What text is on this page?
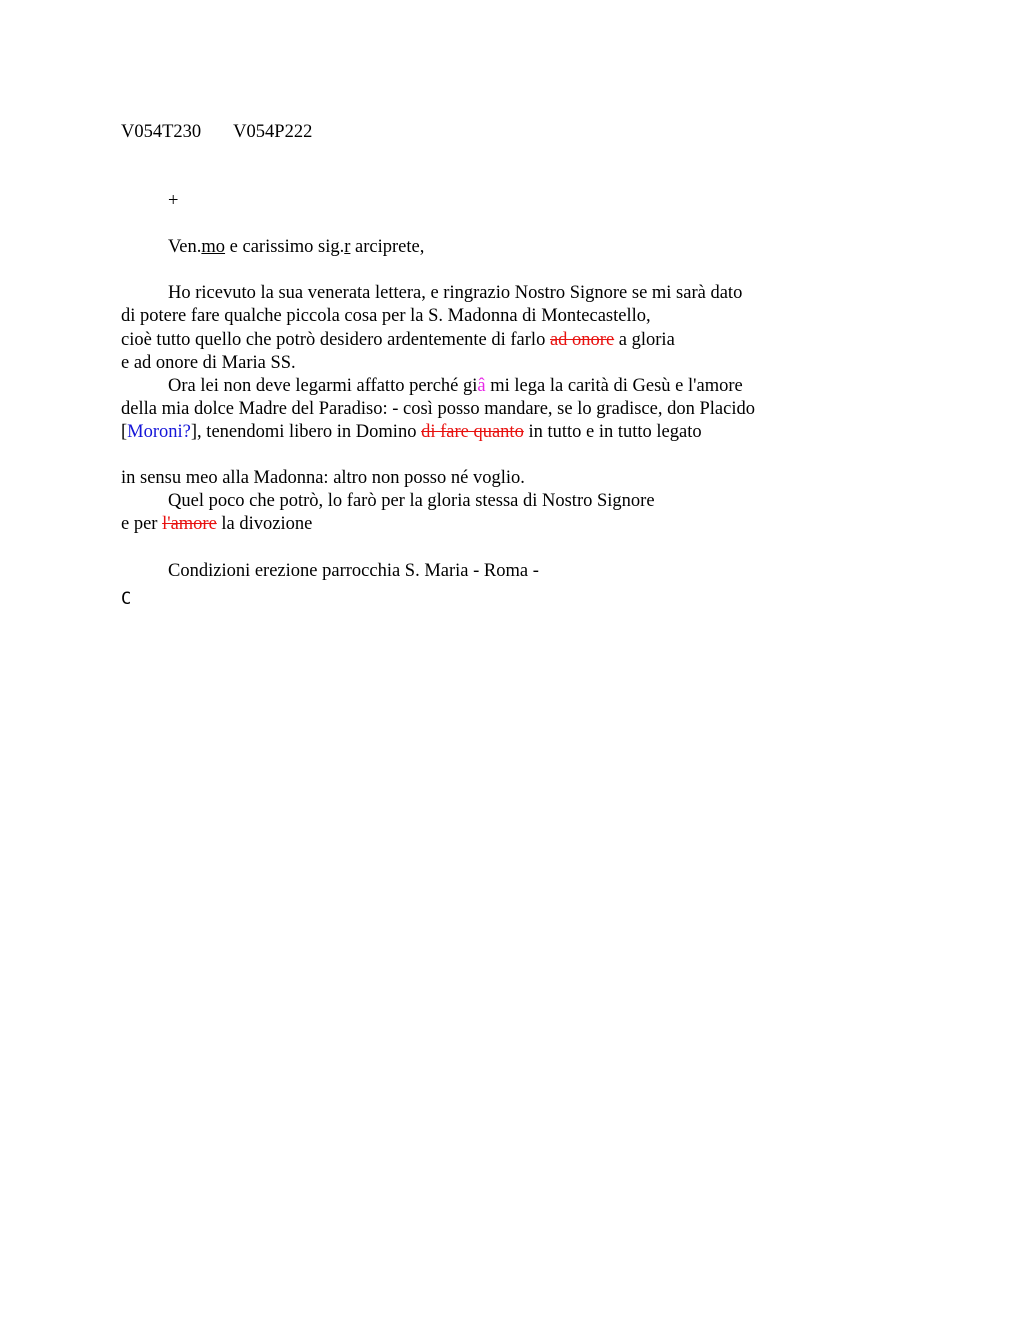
V054T230 V054P222
+
Ven.mo e carissimo sig.r arciprete,
Ho ricevuto la sua venerata lettera, e ringrazio Nostro Signore se mi sarà dato
di potere fare qualche piccola cosa per la S. Madonna di Montecastello,
cioè tutto quello che potrò desidero ardentemente di farlo ad onore a gloria
e ad onore di Maria SS.
Ora lei non deve legarmi affatto perché giâ mi lega la carità di Gesù e l'amore
della mia dolce Madre del Paradiso: - così posso mandare, se lo gradisce, don Placido
[Moroni?], tenendomi libero in Domino di fare quanto in tutto e in tutto legato
in sensu meo alla Madonna: altro non posso né voglio.
Quel poco che potrò, lo farò per la gloria stessa di Nostro Signore
e per l'amore la divozione
Condizioni erezione parrocchia S. Maria - Roma -
C
